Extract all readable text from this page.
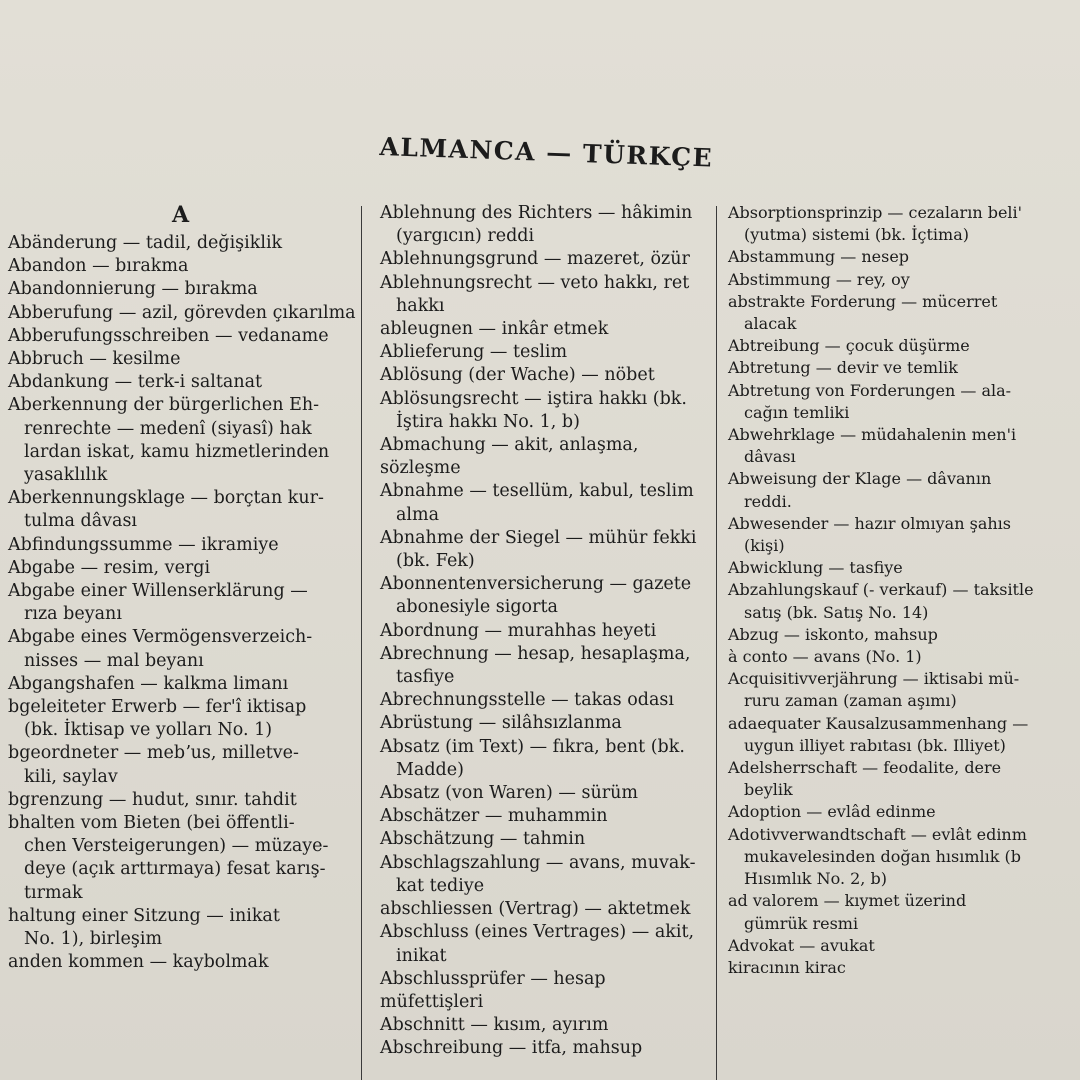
ALMANCA — TÜRKÇE
A
Abänderung — tadil, değişiklik
Abandon — bırakma
Abandonnierung — bırakma
Abberufung — azil, görevden çıkarılma
Abberufungsschreiben — vedaname
Abbruch — kesilme
Abdankung — terk-i saltanat
Aberkennung der bürgerlichen Eh-
renrechte — medenî (siyasî) hak
lardan iskat, kamu hizmetlerinden
yasaklılık
Aberkennungsklage — borçtan kur-
tulma dâvası
Abfindungssumme — ikramiye
Abgabe — resim, vergi
Abgabe einer Willenserklärung —
rıza beyanı
Abgabe eines Vermögensverzeich-
nisses — mal beyanı
Abgangshafen — kalkma limanı
bgeleiteter Erwerb — fer'î iktisap
(bk. İktisap ve yolları No. 1)
bgeordneter — mebʼus, milletve-
kili, saylav
bgrenzung — hudut, sınır. tahdit
bhalten vom Bieten (bei öffentli-
chen Versteigerungen) — müzaye-
deye (açık arttırmaya) fesat karış-
tırmak
haltung einer Sitzung — inikat
No. 1), birleşim
anden kommen — kaybolmak
Ablehnung des Richters — hâkimin
(yargıcın) reddi
Ablehnungsgrund — mazeret, özür
Ablehnungsrecht — veto hakkı, ret
hakkı
ableugnen — inkâr etmek
Ablieferung — teslim
Ablösung (der Wache) — nöbet
Ablösungsrecht — iştira hakkı (bk.
İştira hakkı No. 1, b)
Abmachung — akit, anlaşma, sözleşme
Abnahme — tesellüm, kabul, teslim
alma
Abnahme der Siegel — mühür fekki
(bk. Fek)
Abonnentenversicherung — gazete
abonesiyle sigorta
Abordnung — murahhas heyeti
Abrechnung — hesap, hesaplaşma,
tasfiye
Abrechnungsstelle — takas odası
Abrüstung — silâhsızlanma
Absatz (im Text) — fıkra, bent (bk.
Madde)
Absatz (von Waren) — sürüm
Abschätzer — muhammin
Abschätzung — tahmin
Abschlagszahlung — avans, muvak-
kat tediye
abschliessen (Vertrag) — aktetmek
Abschluss (eines Vertrages) — akit,
inikat
Abschlussprüfer — hesap müfettişleri
Abschnitt — kısım, ayırım
Abschreibung — itfa, mahsup
Absorptionsprinzip — cezaların beli'
(yutma) sistemi (bk. İçtima)
Abstammung — nesep
Abstimmung — rey, oy
abstrakte Forderung — mücerret
alacak
Abtreibung — çocuk düşürme
Abtretung — devir ve temlik
Abtretung von Forderungen — ala-
cağın temliki
Abwehrklage — müdahalenin men'i
dâvası
Abweisung der Klage — dâvanın
reddi.
Abwesender — hazır olmıyan şahıs
(kişi)
Abwicklung — tasfiye
Abzahlungskauf (- verkauf) — taksitle
satış (bk. Satış No. 14)
Abzug — iskonto, mahsup
à conto — avans (No. 1)
Acquisitivverjährung — iktisabi mü-
ruru zaman (zaman aşımı)
adaequater Kausalzusammenhang —
uygun illiyet rabıtası (bk. Illiyet)
Adelsherrschaft — feodalite, dere
beylik
Adoption — evlâd edinme
Adotivverwandtschaft — evlât edinm
mukavelesinden doğan hısımlık (b
Hısımlık No. 2, b)
ad valorem — kıymet üzerind
gümrük resmi
Advokat — avukat
kiracının kirac
